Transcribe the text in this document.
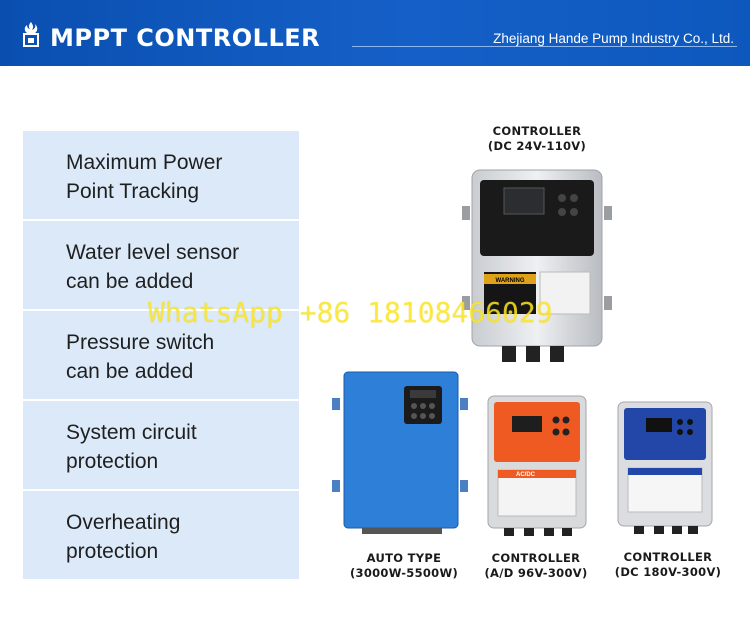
MPPT CONTROLLER	Zhejiang Hande Pump Industry Co., Ltd.
Maximum Power
Point Tracking
Water level sensor
can be added
Pressure switch
can be added
System circuit
protection
Overheating
protection
CONTROLLER
(DC 24V-110V)
WARNING
AC/DC
AUTO TYPE
(3000W-5500W)
CONTROLLER
(A/D 96V-300V)
CONTROLLER
(DC 180V-300V)
WhatsApp +86 18108466029
